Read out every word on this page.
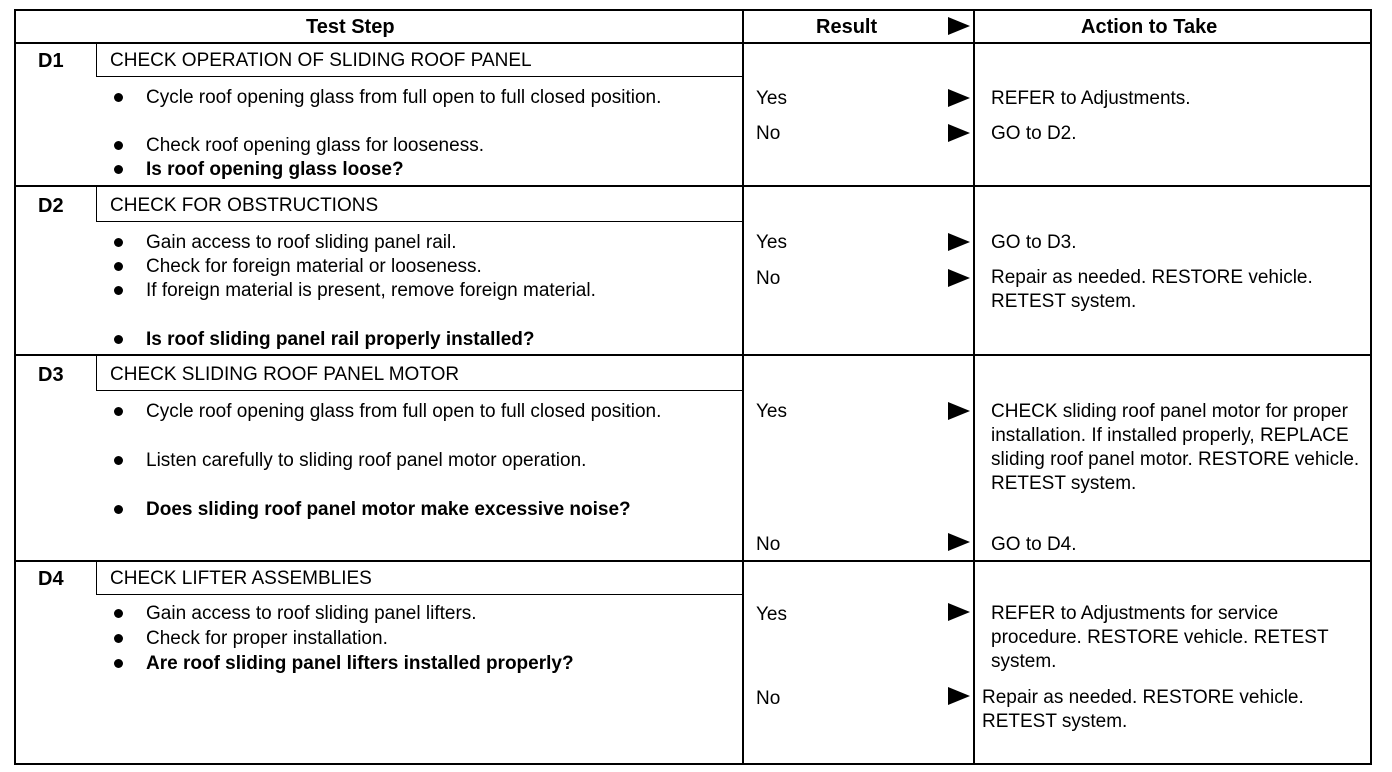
Test Step	Result	Action to Take
D1 CHECK OPERATION OF SLIDING ROOF PANEL
Cycle roof opening glass from full open to full closed position.
Check roof opening glass for looseness.
Is roof opening glass loose?
Yes	REFER to Adjustments.
No	GO to D2.
D2 CHECK FOR OBSTRUCTIONS
Gain access to roof sliding panel rail.
Check for foreign material or looseness.
If foreign material is present, remove foreign material.
Is roof sliding panel rail properly installed?
Yes	GO to D3.
No	Repair as needed. RESTORE vehicle. RETEST system.
D3 CHECK SLIDING ROOF PANEL MOTOR
Cycle roof opening glass from full open to full closed position.
Listen carefully to sliding roof panel motor operation.
Does sliding roof panel motor make excessive noise?
Yes	CHECK sliding roof panel motor for proper installation. If installed properly, REPLACE sliding roof panel motor. RESTORE vehicle. RETEST system.
No	GO to D4.
D4 CHECK LIFTER ASSEMBLIES
Gain access to roof sliding panel lifters.
Check for proper installation.
Are roof sliding panel lifters installed properly?
Yes	REFER to Adjustments for service procedure. RESTORE vehicle. RETEST system.
No	Repair as needed. RESTORE vehicle. RETEST system.
